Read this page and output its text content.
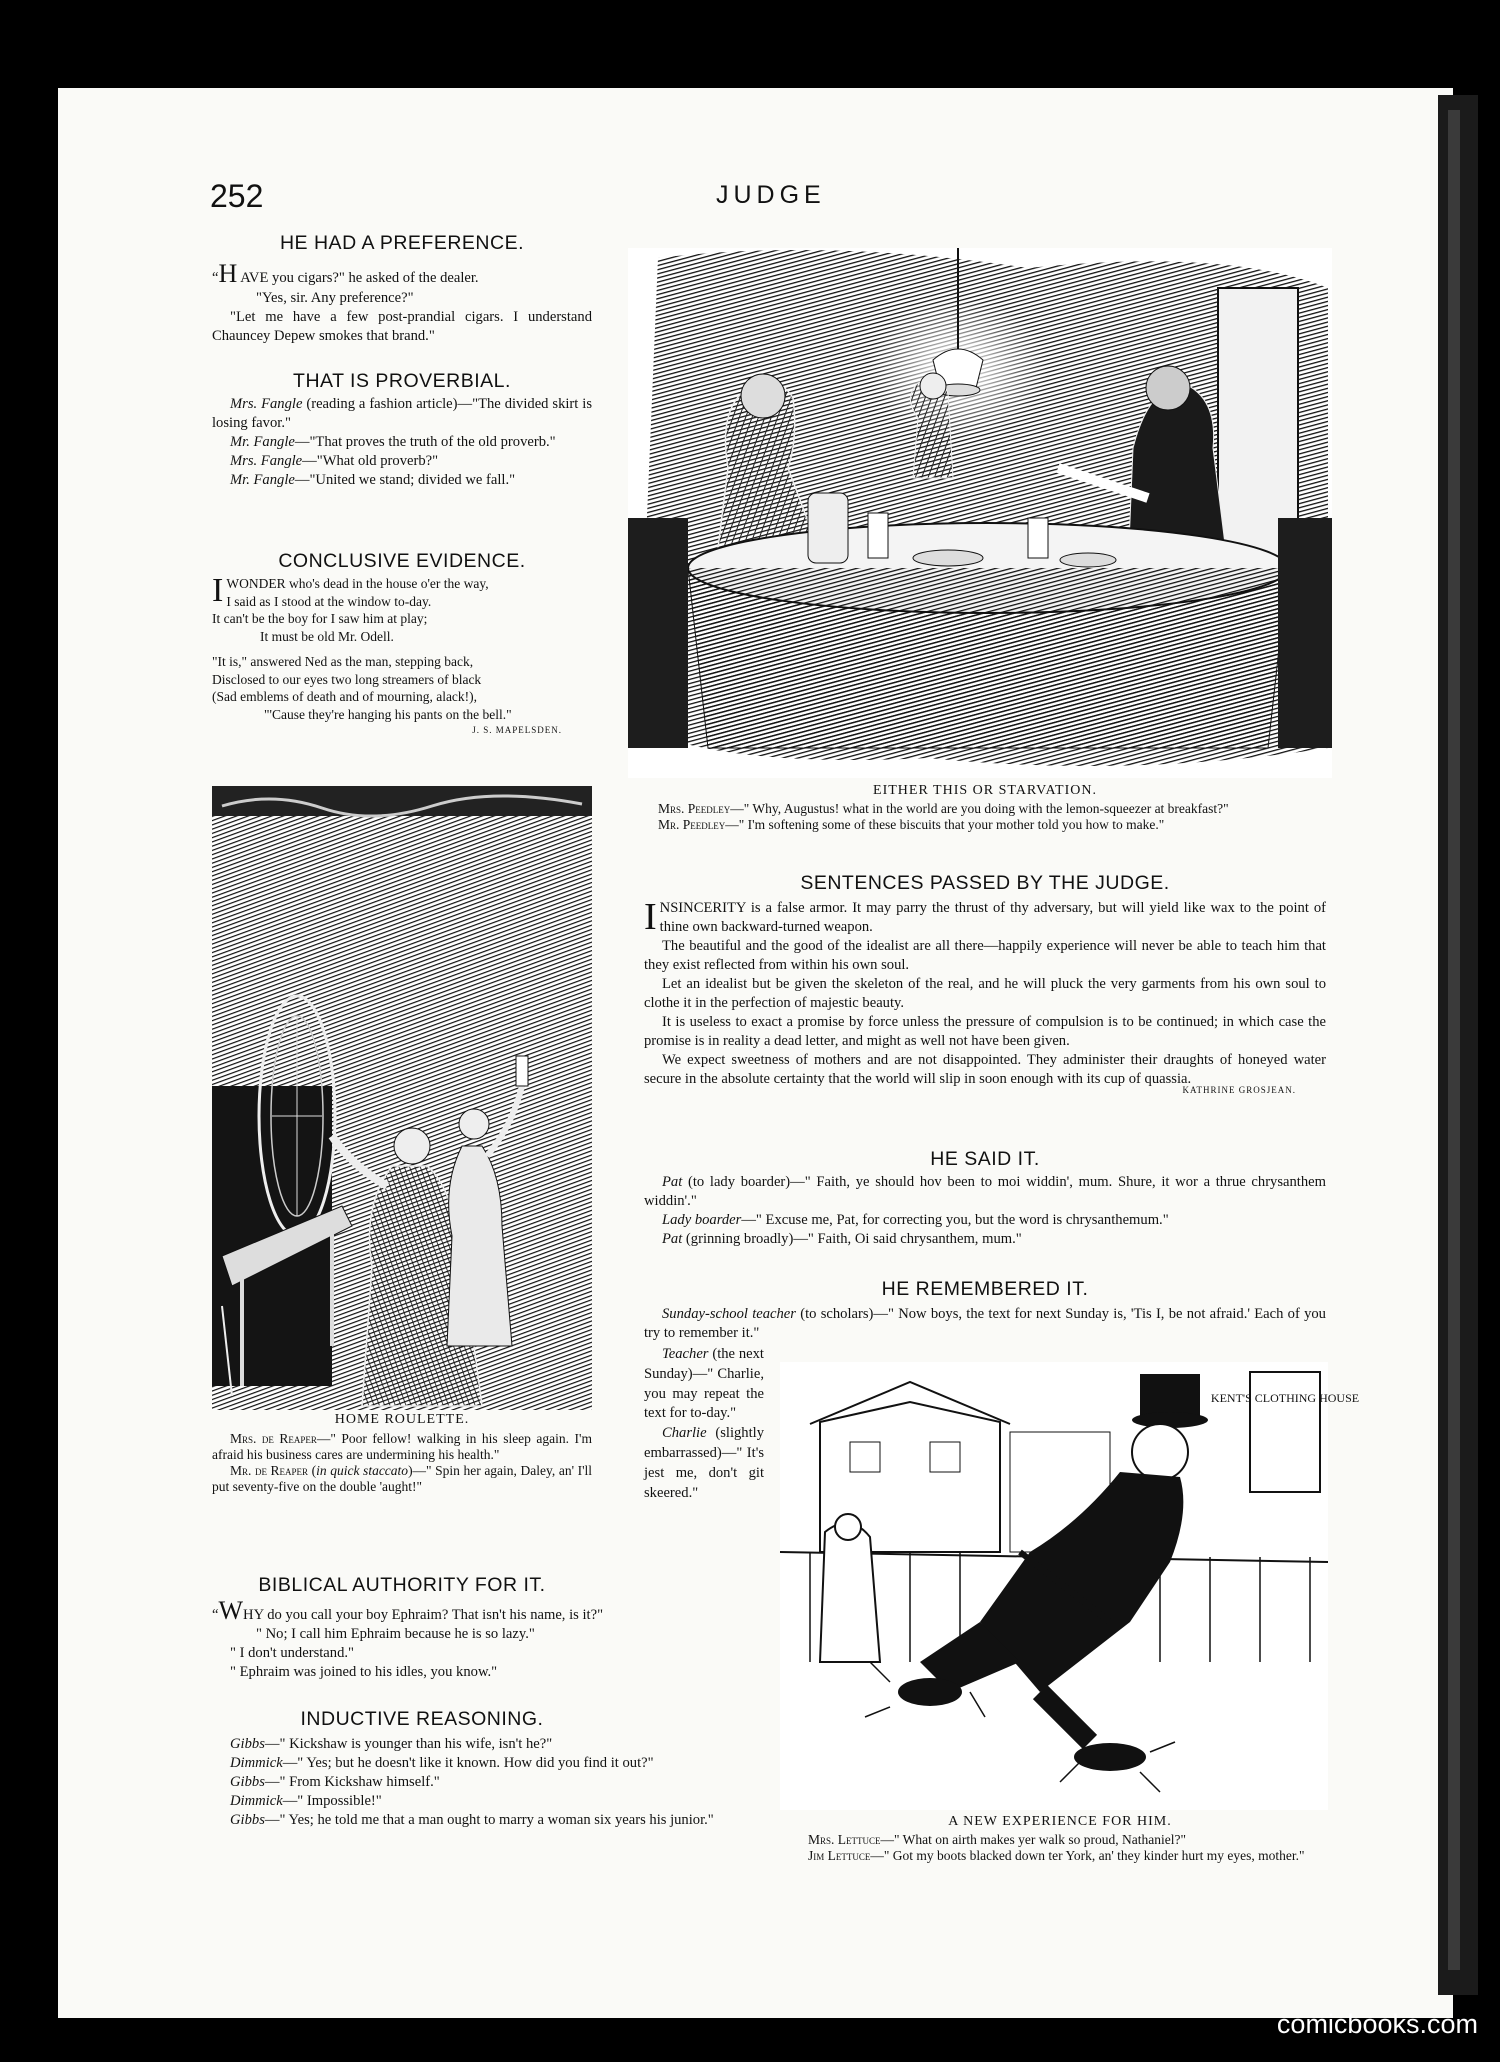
252	JUDGE
HE HAD A PREFERENCE.

“H AVE you cigars?" he asked of the dealer.

"Yes, sir. Any preference?"

"Let me have a few post-prandial cigars. I understand Chauncey Depew smokes that brand."

THAT IS PROVERBIAL.

Mrs. Fangle (reading a fashion article)—"The divided skirt is losing favor."

Mr. Fangle—"That proves the truth of the old proverb."

Mrs. Fangle—"What old proverb?"

Mr. Fangle—"United we stand; divided we fall."

CONCLUSIVE EVIDENCE.
IWONDER who's dead in the house o'er the way,
I said as I stood at the window to-day.
It can't be the boy for I saw him at play;
It must be old Mr. Odell.
"It is," answered Ned as the man, stepping back,
Disclosed to our eyes two long streamers of black
(Sad emblems of death and of mourning, alack!),
"'Cause they're hanging his pants on the bell."
J. S. MAPELSDEN.
HOME ROULETTE.

Mrs. de Reaper—" Poor fellow! walking in his sleep again. I'm afraid his business cares are undermining his health."

Mr. de Reaper (in quick staccato)—" Spin her again, Daley, an' I'll put seventy-five on the double 'aught!"

BIBLICAL AUTHORITY FOR IT.

“WHY do you call your boy Ephraim? That isn't his name, is it?"

" No; I call him Ephraim because he is so lazy."

" I don't understand."

" Ephraim was joined to his idles, you know."

INDUCTIVE REASONING.

Gibbs—" Kickshaw is younger than his wife, isn't he?"

Dimmick—" Yes; but he doesn't like it known. How did you find it out?"

Gibbs—" From Kickshaw himself."

Dimmick—" Impossible!"

Gibbs—" Yes; he told me that a man ought to marry a woman six years his junior."

EITHER THIS OR STARVATION.

Mrs. Peedley—" Why, Augustus! what in the world are you doing with the lemon-squeezer at breakfast?"

Mr. Peedley—" I'm softening some of these biscuits that your mother told you how to make."

SENTENCES PASSED BY THE JUDGE.

INSINCERITY is a false armor. It may parry the thrust of thy adversary, but will yield like wax to the point of thine own backward-turned weapon.

The beautiful and the good of the idealist are all there—happily experience will never be able to teach him that they exist reflected from within his own soul.

Let an idealist but be given the skeleton of the real, and he will pluck the very garments from his own soul to clothe it in the perfection of majestic beauty.

It is useless to exact a promise by force unless the pressure of compulsion is to be continued; in which case the promise is in reality a dead letter, and might as well not have been given.

We expect sweetness of mothers and are not disappointed. They administer their draughts of honeyed water secure in the absolute certainty that the world will slip in soon enough with its cup of quassia.

KATHRINE GROSJEAN.
HE SAID IT.

Pat (to lady boarder)—" Faith, ye should hov been to moi widdin', mum. Shure, it wor a thrue chrysanthem widdin'."

Lady boarder—" Excuse me, Pat, for correcting you, but the word is chrysanthemum."

Pat (grinning broadly)—" Faith, Oi said chrysanthem, mum."

HE REMEMBERED IT.

Sunday-school teacher (to scholars)—" Now boys, the text for next Sunday is, 'Tis I, be not afraid.' Each of you try to remember it."

Teacher (the next Sunday)—" Charlie, you may repeat the text for to-day."

Charlie (slightly embarrassed)—" It's jest me, don't git skeered."

KENT'S CLOTHING HOUSE
A NEW EXPERIENCE FOR HIM.

Mrs. Lettuce—" What on airth makes yer walk so proud, Nathaniel?"

Jim Lettuce—" Got my boots blacked down ter York, an' they kinder hurt my eyes, mother."

comicbooks.com
